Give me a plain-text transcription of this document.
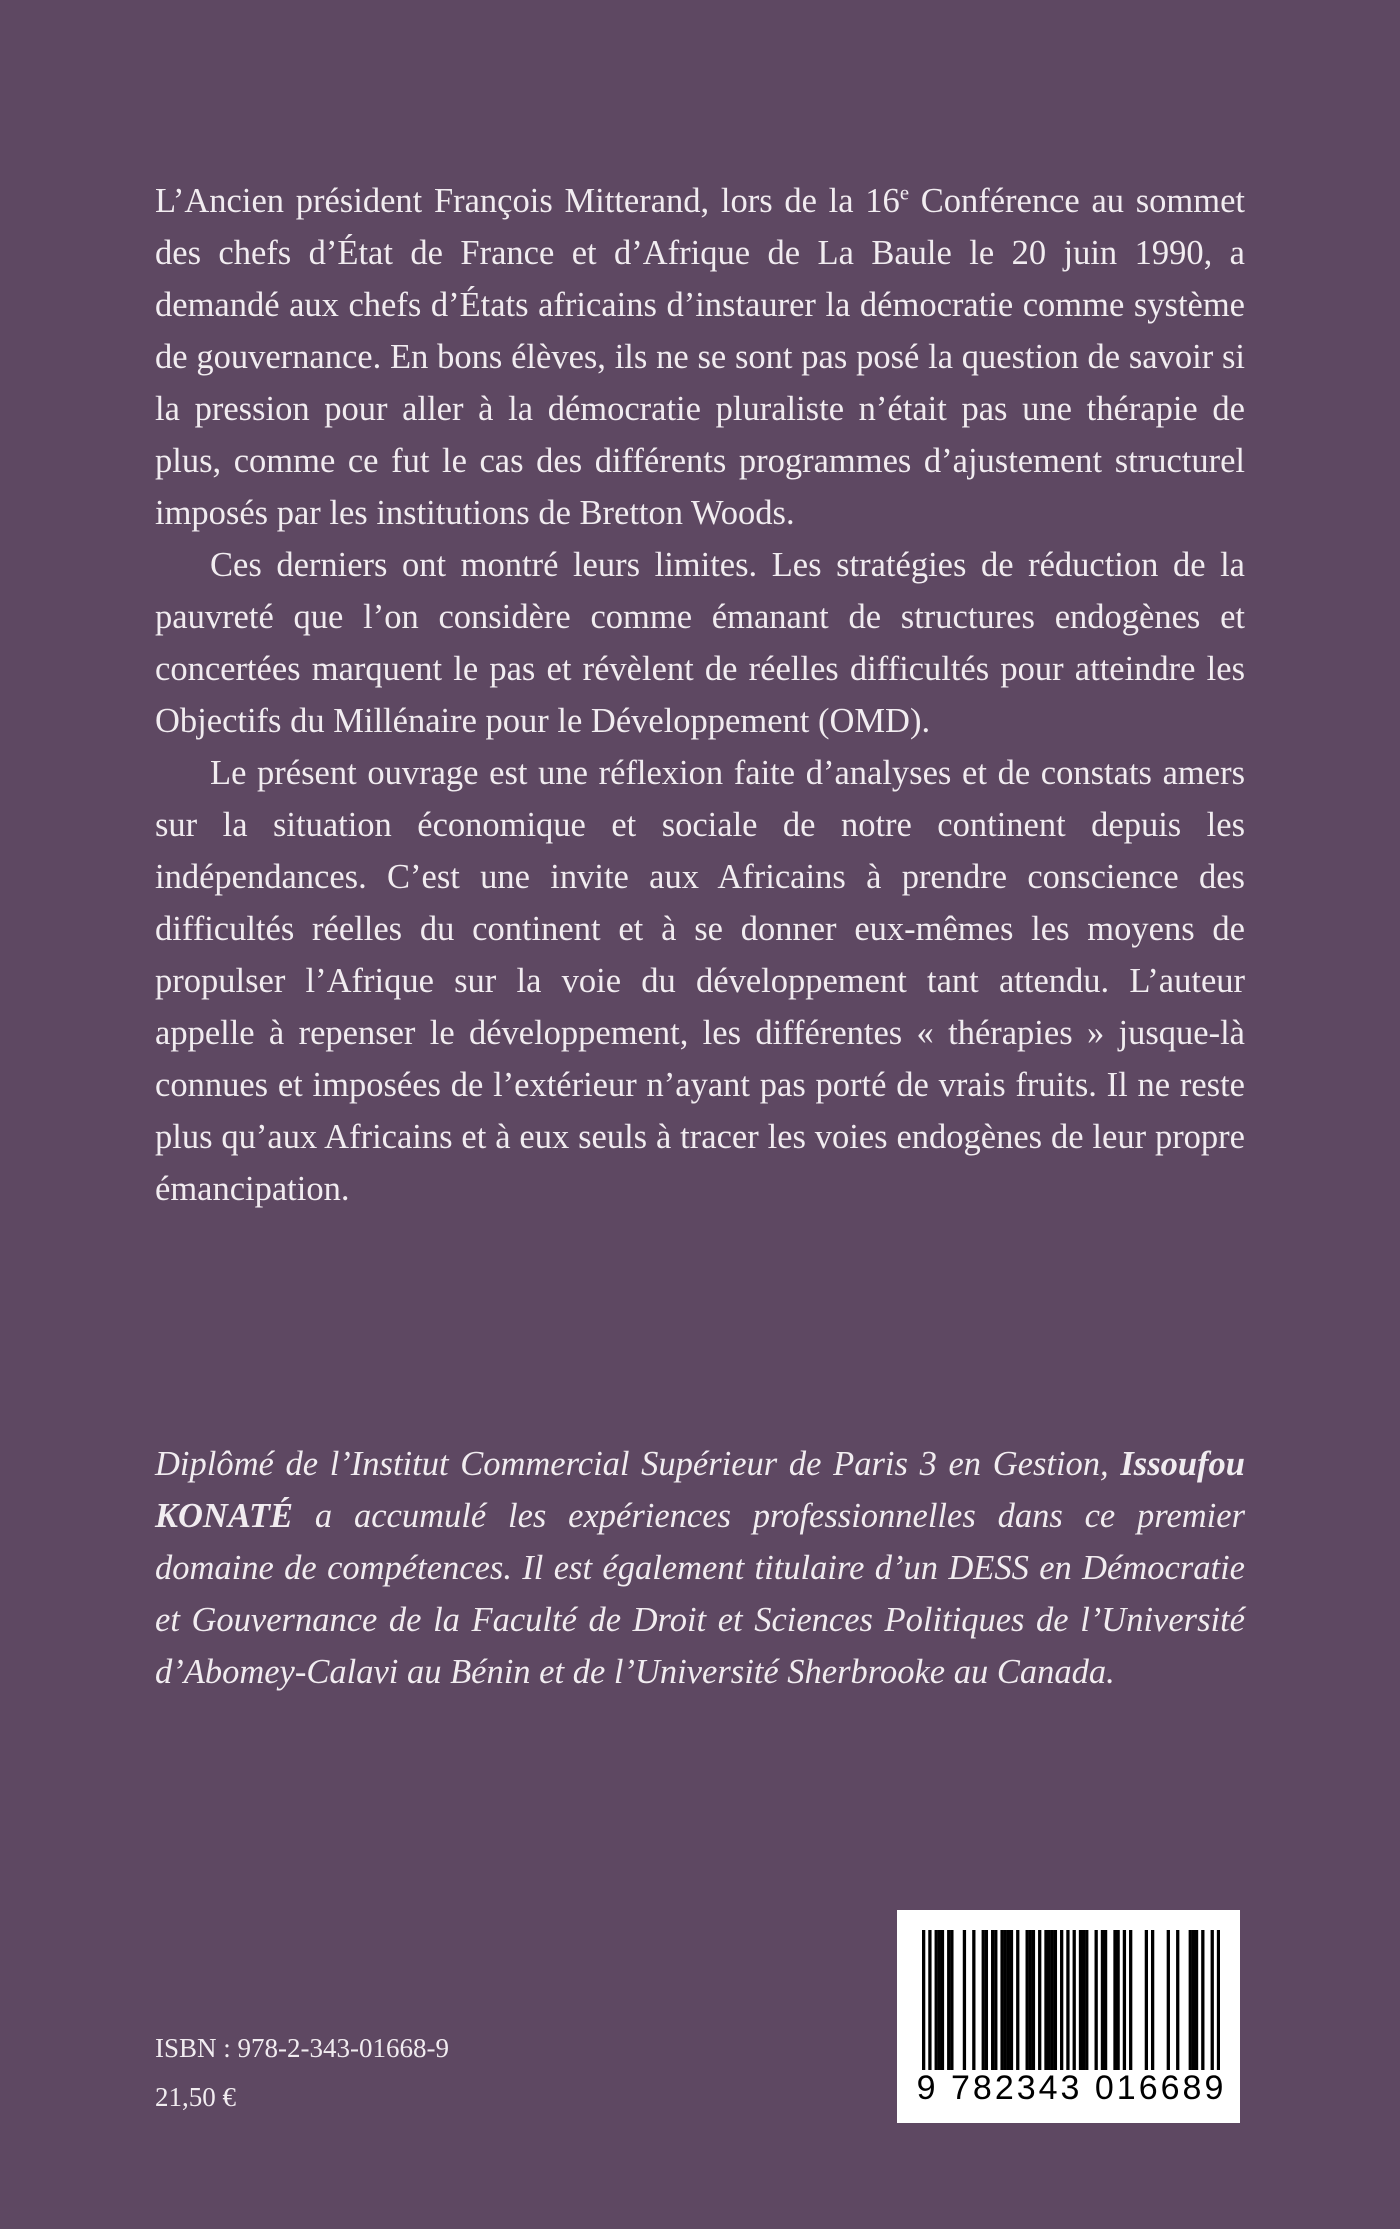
L’Ancien président François Mitterand, lors de la 16e Conférence au sommet des chefs d’État de France et d’Afrique de La Baule le 20 juin 1990, a demandé aux chefs d’États africains d’instaurer la démocratie comme système de gouvernance. En bons élèves, ils ne se sont pas posé la question de savoir si la pression pour aller à la démocratie pluraliste n’était pas une thérapie de plus, comme ce fut le cas des différents programmes d’ajustement structurel imposés par les institutions de Bretton Woods.

Ces derniers ont montré leurs limites. Les stratégies de réduction de la pauvreté que l’on considère comme émanant de structures endogènes et concertées marquent le pas et révèlent de réelles difficultés pour atteindre les Objectifs du Millénaire pour le Développement (OMD).

Le présent ouvrage est une réflexion faite d’analyses et de constats amers sur la situation économique et sociale de notre continent depuis les indépendances. C’est une invite aux Africains à prendre conscience des difficultés réelles du continent et à se donner eux-mêmes les moyens de propulser l’Afrique sur la voie du développement tant attendu. L’auteur appelle à repenser le développement, les différentes « thérapies » jusque-là connues et imposées de l’extérieur n’ayant pas porté de vrais fruits. Il ne reste plus qu’aux Africains et à eux seuls à tracer les voies endogènes de leur propre émancipation.

Diplômé de l’Institut Commercial Supérieur de Paris 3 en Gestion, Issoufou KONATÉ a accumulé les expériences professionnelles dans ce premier domaine de compétences. Il est également titulaire d’un DESS en Démocratie et Gouvernance de la Faculté de Droit et Sciences Politiques de l’Université d’Abomey-Calavi au Bénin et de l’Université Sherbrooke au Canada.

ISBN : 978-2-343-01668-9
21,50 €	9 782343 016689
